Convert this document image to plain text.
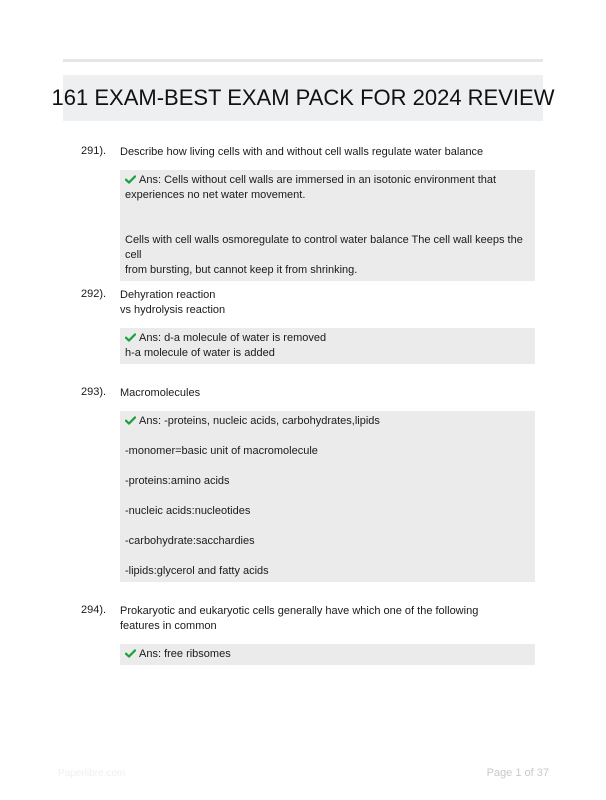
161 EXAM-BEST EXAM PACK FOR 2024 REVIEW
291). Describe how living cells with and without cell walls regulate water balance

Ans: Cells without cell walls are immersed in an isotonic environment that

experiences no net water movement.

Cells with cell walls osmoregulate to control water balance The cell wall keeps the cell

from bursting, but cannot keep it from shrinking.

292). Dehyration reaction
vs hydrolysis reaction

Ans: d-a molecule of water is removed

h-a molecule of water is added

293). Macromolecules

Ans: -proteins, nucleic acids, carbohydrates,lipids

-monomer=basic unit of macromolecule

-proteins:amino acids

-nucleic acids:nucleotides

-carbohydrate:sacchardies

-lipids:glycerol and fatty acids

294). Prokaryotic and eukaryotic cells generally have which one of the following
features in common

Ans: free ribsomes

Paperlibre.com	Page 1 of 37
